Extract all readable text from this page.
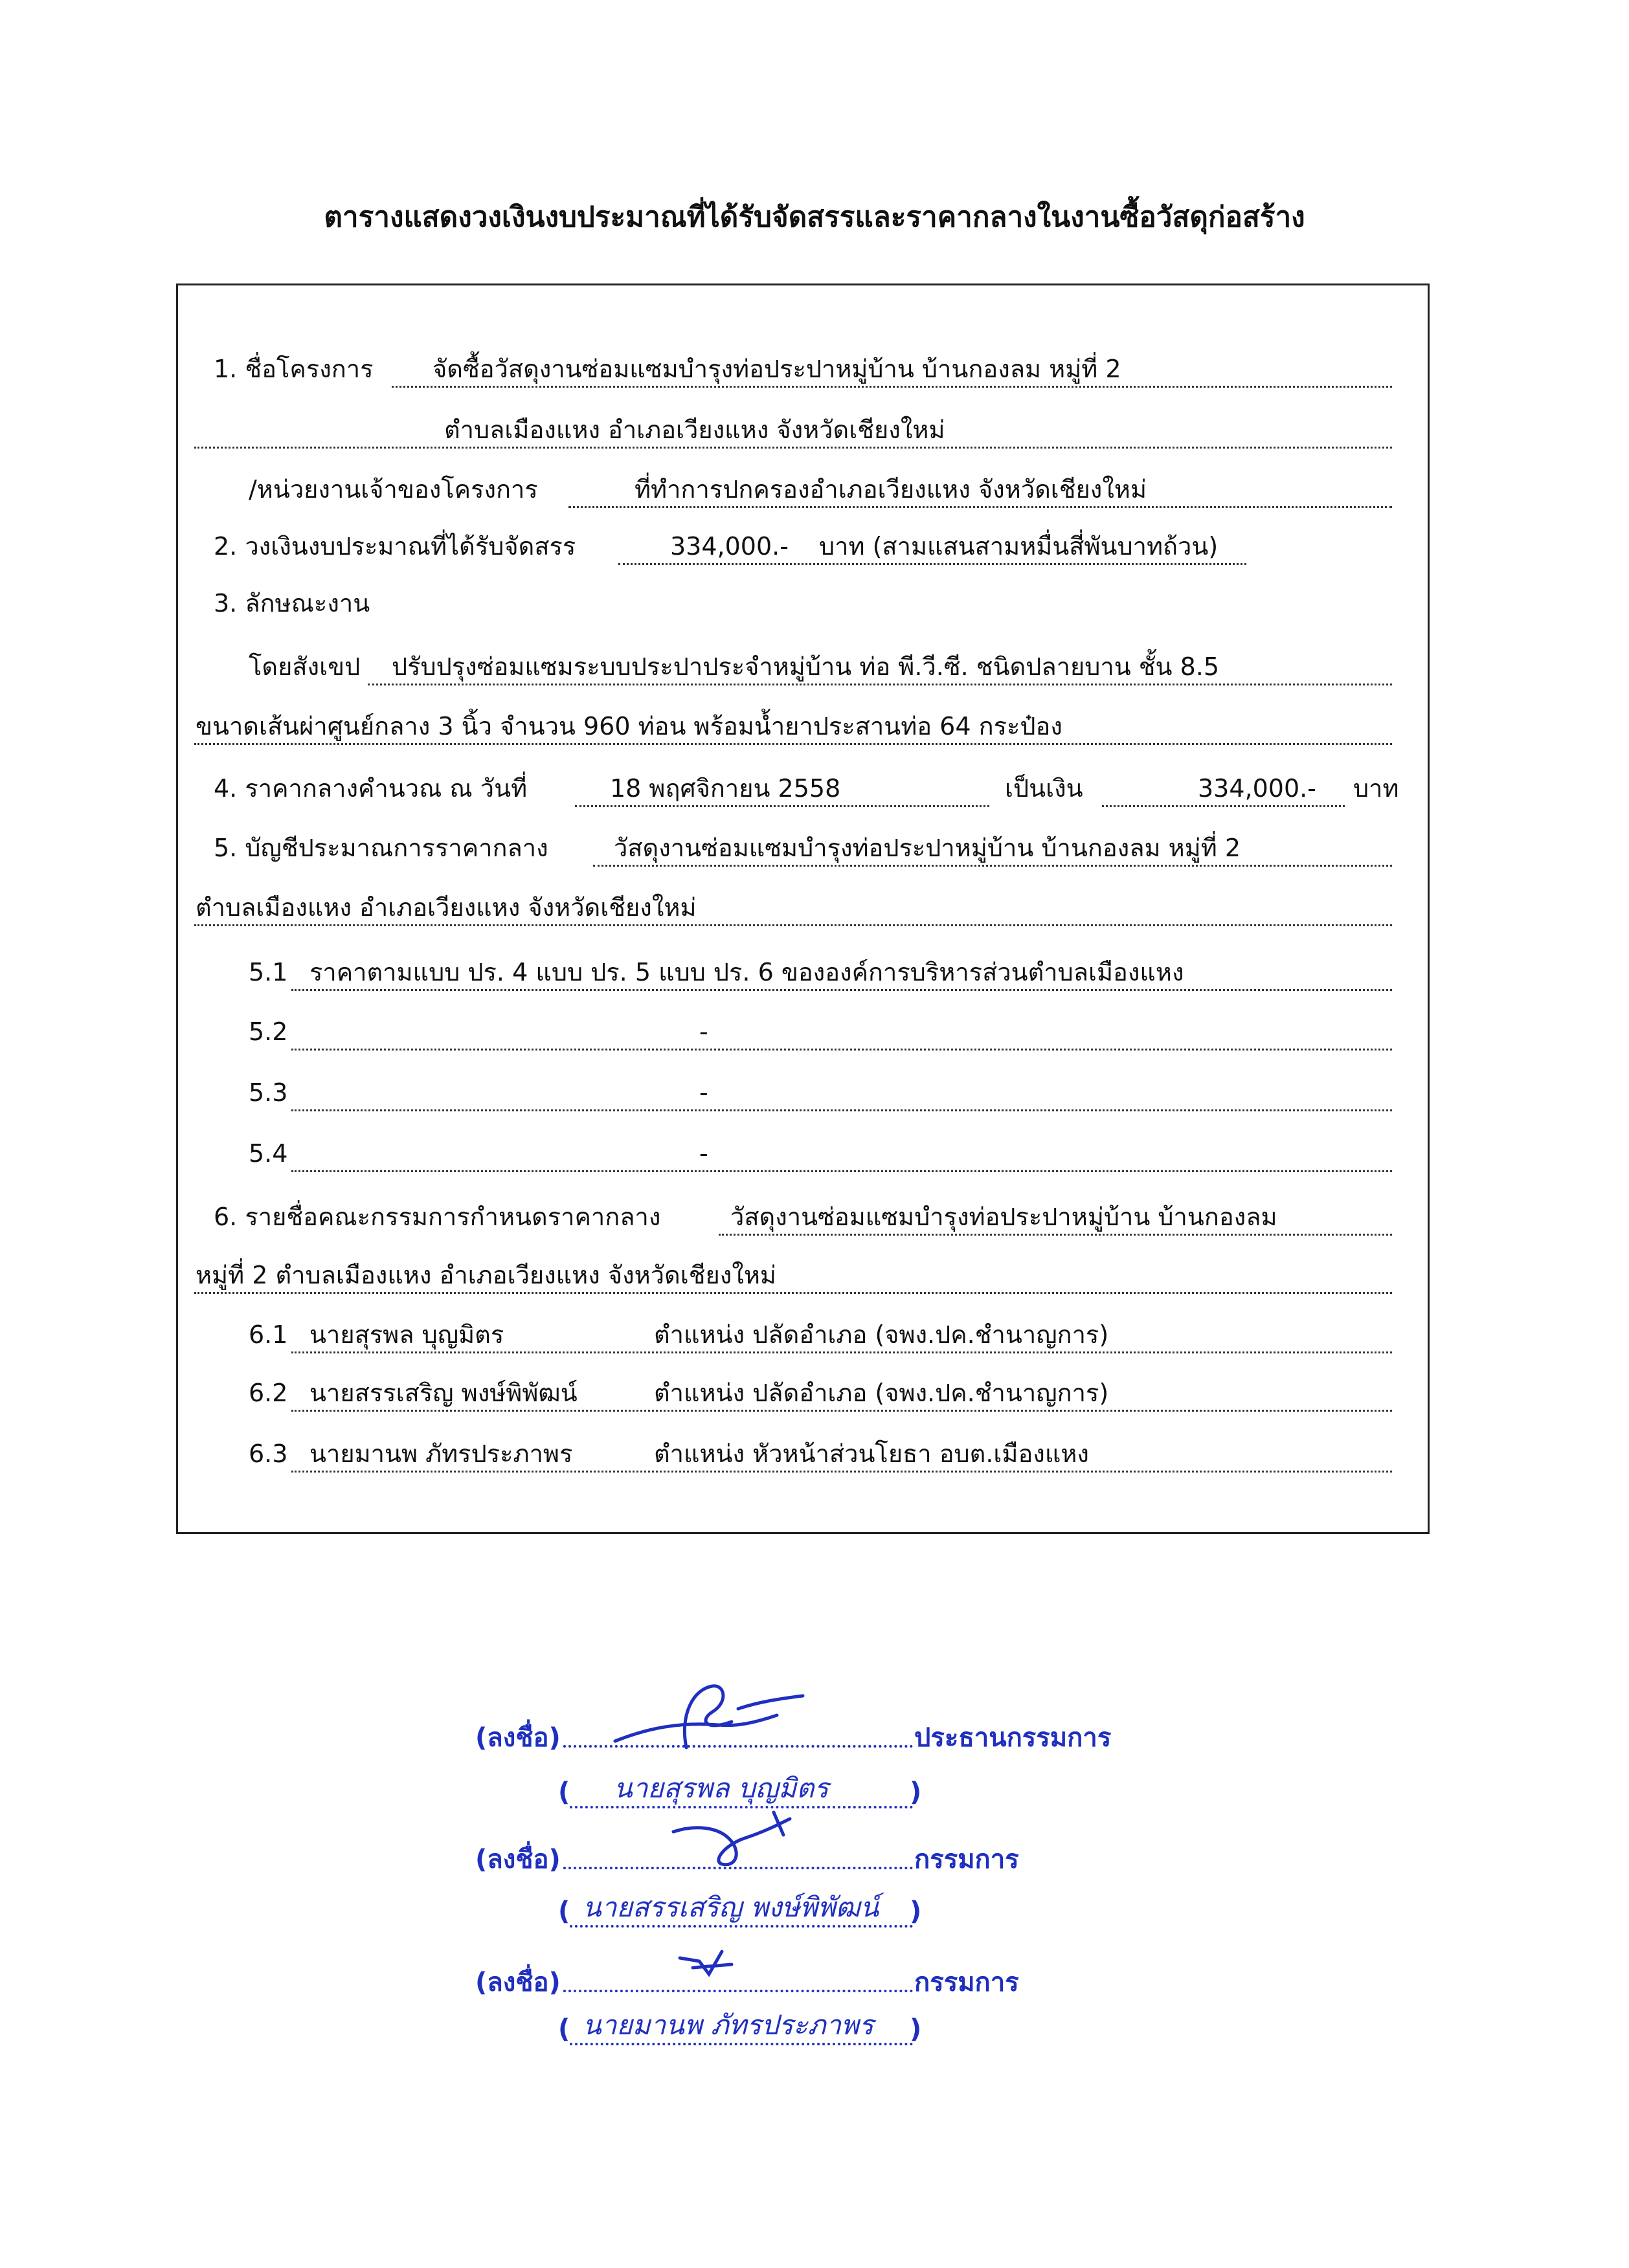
ตารางแสดงวงเงินงบประมาณที่ได้รับจัดสรรและราคากลางในงานซื้อวัสดุก่อสร้าง
1. ชื่อโครงการ จัดซื้อวัสดุงานซ่อมแซมบำรุงท่อประปาหมู่บ้าน บ้านกองลม หมู่ที่ 2
ตำบลเมืองแหง อำเภอเวียงแหง จังหวัดเชียงใหม่
/หน่วยงานเจ้าของโครงการ	ที่ทำการปกครองอำเภอเวียงแหง จังหวัดเชียงใหม่
2. วงเงินงบประมาณที่ได้รับจัดสรร	334,000.- บาท (สามแสนสามหมื่นสี่พันบาทถ้วน)
3. ลักษณะงาน
โดยสังเขป ปรับปรุงซ่อมแซมระบบประปาประจำหมู่บ้าน ท่อ พี.วี.ซี. ชนิดปลายบาน ชั้น 8.5
ขนาดเส้นผ่าศูนย์กลาง 3 นิ้ว จำนวน 960 ท่อน พร้อมน้ำยาประสานท่อ 64 กระป๋อง
4. ราคากลางคำนวณ ณ วันที่	18 พฤศจิกายน 2558	เป็นเงิน	334,000.- บาท
5. บัญชีประมาณการราคากลาง	วัสดุงานซ่อมแซมบำรุงท่อประปาหมู่บ้าน บ้านกองลม หมู่ที่ 2
ตำบลเมืองแหง อำเภอเวียงแหง จังหวัดเชียงใหม่
5.1 ราคาตามแบบ ปร. 4 แบบ ปร. 5 แบบ ปร. 6 ขององค์การบริหารส่วนตำบลเมืองแหง
5.2	-
5.3	-
5.4	-
6. รายชื่อคณะกรรมการกำหนดราคากลาง	วัสดุงานซ่อมแซมบำรุงท่อประปาหมู่บ้าน บ้านกองลม
หมู่ที่ 2 ตำบลเมืองแหง อำเภอเวียงแหง จังหวัดเชียงใหม่
6.1 นายสุรพล บุญมิตร	ตำแหน่ง ปลัดอำเภอ (จพง.ปค.ชำนาญการ)
6.2 นายสรรเสริญ พงษ์พิพัฒน์	ตำแหน่ง ปลัดอำเภอ (จพง.ปค.ชำนาญการ)
6.3 นายมานพ ภัทรประภาพร	ตำแหน่ง หัวหน้าส่วนโยธา อบต.เมืองแหง
(ลงชื่อ)	ประธานกรรมการ
(	)
นายสุรพล บุญมิตร
(ลงชื่อ)	กรรมการ
(	)
นายสรรเสริญ พงษ์พิพัฒน์
(ลงชื่อ)	กรรมการ
(	)
นายมานพ ภัทรประภาพร
